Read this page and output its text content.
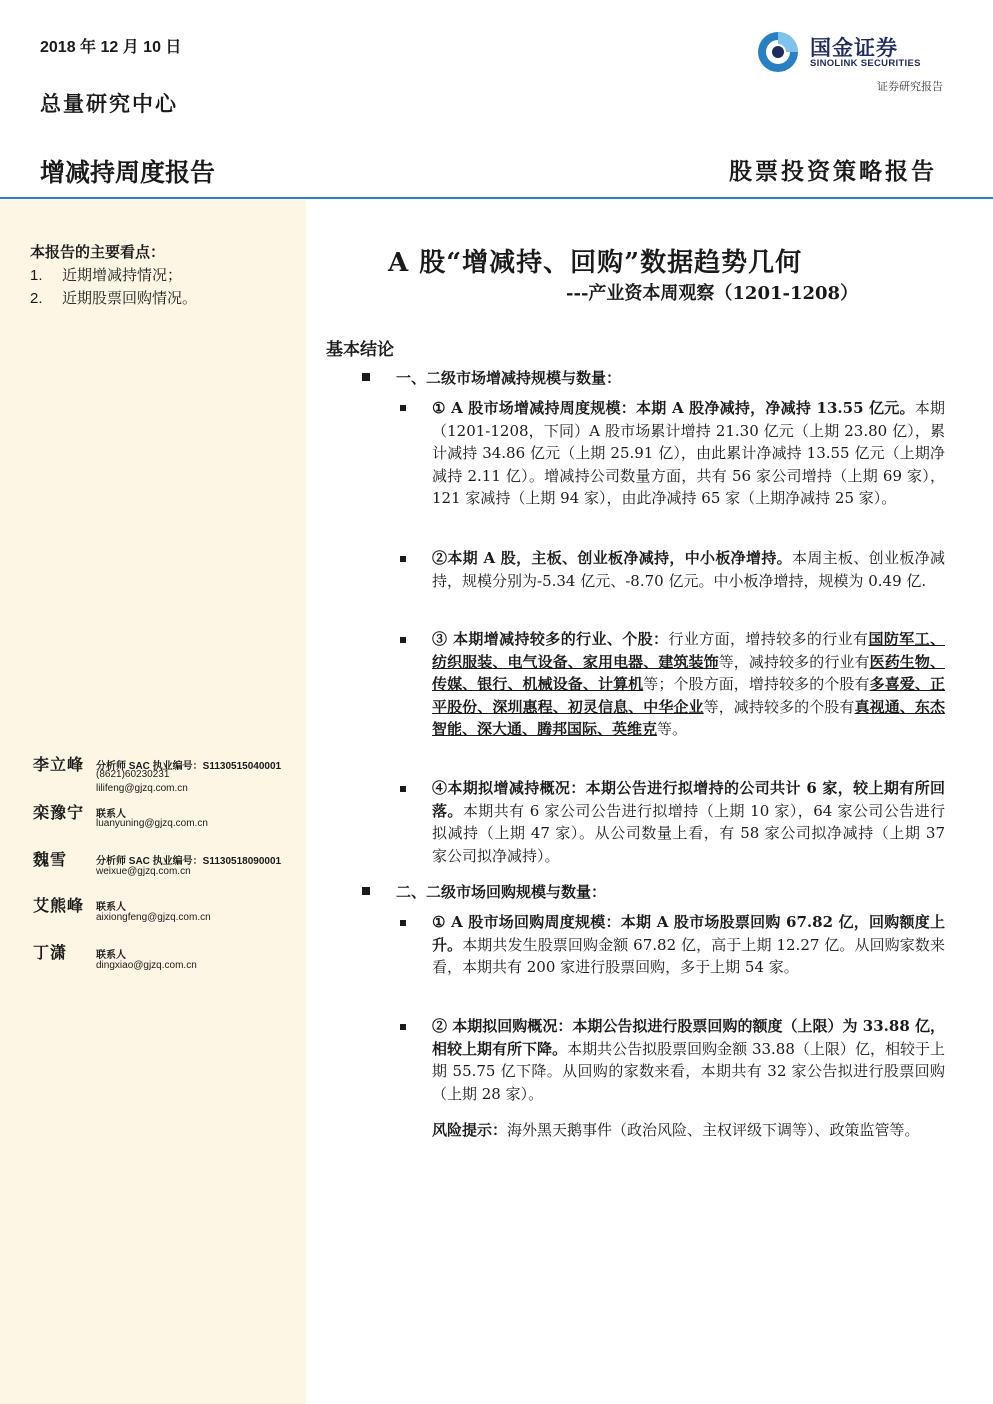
2018 年 12 月 10 日
总量研究中心
增减持周度报告	股票投资策略报告
国金证券
SINOLINK SECURITIES
证券研究报告
本报告的主要看点：
1. 近期增减持情况；
2. 近期股票回购情况。
李立峰 分析师 SAC 执业编号：S1130515040001
(8621)60230231
lilifeng@gjzq.com.cn
栾豫宁 联系人
luanyuning@gjzq.com.cn
魏雪	分析师 SAC 执业编号：S1130518090001
weixue@gjzq.com.cn
艾熊峰 联系人
aixiongfeng@gjzq.com.cn
丁潇	联系人
dingxiao@gjzq.com.cn
A 股“增减持、回购”数据趋势几何
---产业资本周观察（1201-1208）
基本结论
一、二级市场增减持规模与数量：
① A 股市场增减持周度规模：本期 A 股净减持，净减持 13.55 亿元。本期（1201-1208，下同）A 股市场累计增持 21.30 亿元（上期 23.80 亿），累计减持 34.86 亿元（上期 25.91 亿），由此累计净减持 13.55 亿元（上期净减持 2.11 亿）。增减持公司数量方面，共有 56 家公司增持（上期 69 家），121 家减持（上期 94 家），由此净减持 65 家（上期净减持 25 家）。
②本期 A 股，主板、创业板净减持，中小板净增持。本周主板、创业板净减持，规模分别为-5.34 亿元、-8.70 亿元。中小板净增持，规模为 0.49 亿.
③ 本期增减持较多的行业、个股：行业方面，增持较多的行业有国防军工、纺织服装、电气设备、家用电器、建筑装饰等，减持较多的行业有医药生物、传媒、银行、机械设备、计算机等；个股方面，增持较多的个股有多喜爱、正平股份、深圳惠程、初灵信息、中华企业等，减持较多的个股有真视通、东杰智能、深大通、腾邦国际、英维克等。
④本期拟增减持概况：本期公告进行拟增持的公司共计 6 家，较上期有所回落。本期共有 6 家公司公告进行拟增持（上期 10 家），64 家公司公告进行拟减持（上期 47 家）。从公司数量上看，有 58 家公司拟净减持（上期 37 家公司拟净减持）。
二、二级市场回购规模与数量：
① A 股市场回购周度规模：本期 A 股市场股票回购 67.82 亿，回购额度上升。本期共发生股票回购金额 67.82 亿，高于上期 12.27 亿。从回购家数来看，本期共有 200 家进行股票回购，多于上期 54 家。
② 本期拟回购概况：本期公告拟进行股票回购的额度（上限）为 33.88 亿，相较上期有所下降。本期共公告拟股票回购金额 33.88（上限）亿，相较于上期 55.75 亿下降。从回购的家数来看，本期共有 32 家公告拟进行股票回购（上期 28 家）。
风险提示：海外黑天鹅事件（政治风险、主权评级下调等）、政策监管等。
